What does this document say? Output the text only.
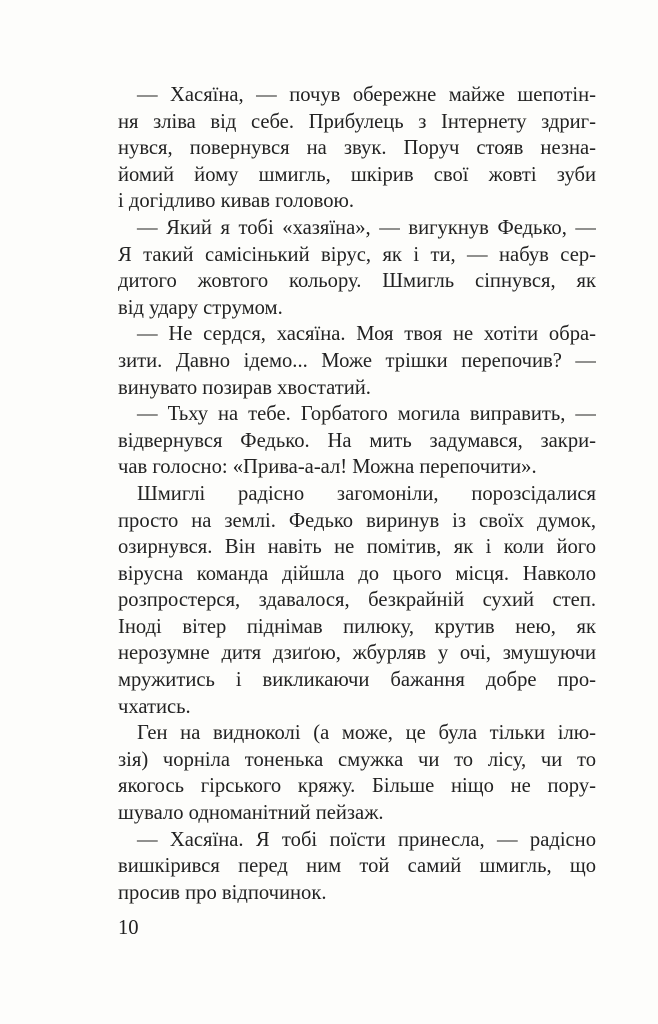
— Хасяїна, — почув обережне майже шепотін-
ня зліва від себе. Прибулець з Інтернету здриг-
нувся, повернувся на звук. Поруч стояв незна-
йомий йому шмигль, шкірив свої жовті зуби
і догідливо кивав головою.
— Який я тобі «хазяїна», — вигукнув Федько, —
Я такий самісінький вірус, як і ти, — набув сер-
дитого жовтого кольору. Шмигль сіпнувся, як
від удару струмом.
— Не сердся, хасяїна. Моя твоя не хотіти обра-
зити. Давно ідемо... Може трішки перепочив? —
винувато позирав хвостатий.
— Тьху на тебе. Горбатого могила виправить, —
відвернувся Федько. На мить задумався, закри-
чав голосно: «Прива-а-ал! Можна перепочити».
Шмиглі радісно загомоніли, порозсідалися
просто на землі. Федько виринув із своїх думок,
озирнувся. Він навіть не помітив, як і коли його
вірусна команда дійшла до цього місця. Навколо
розпростерся, здавалося, безкрайній сухий степ.
Іноді вітер піднімав пилюку, крутив нею, як
нерозумне дитя дзиґою, жбурляв у очі, змушуючи
мружитись і викликаючи бажання добре про-
чхатись.
Ген на видноколі (а може, це була тільки ілю-
зія) чорніла тоненька смужка чи то лісу, чи то
якогось гірського кряжу. Більше ніщо не пору-
шувало одноманітний пейзаж.
— Хасяїна. Я тобі поїсти принесла, — радісно
вишкірився перед ним той самий шмигль, що
просив про відпочинок.
10
